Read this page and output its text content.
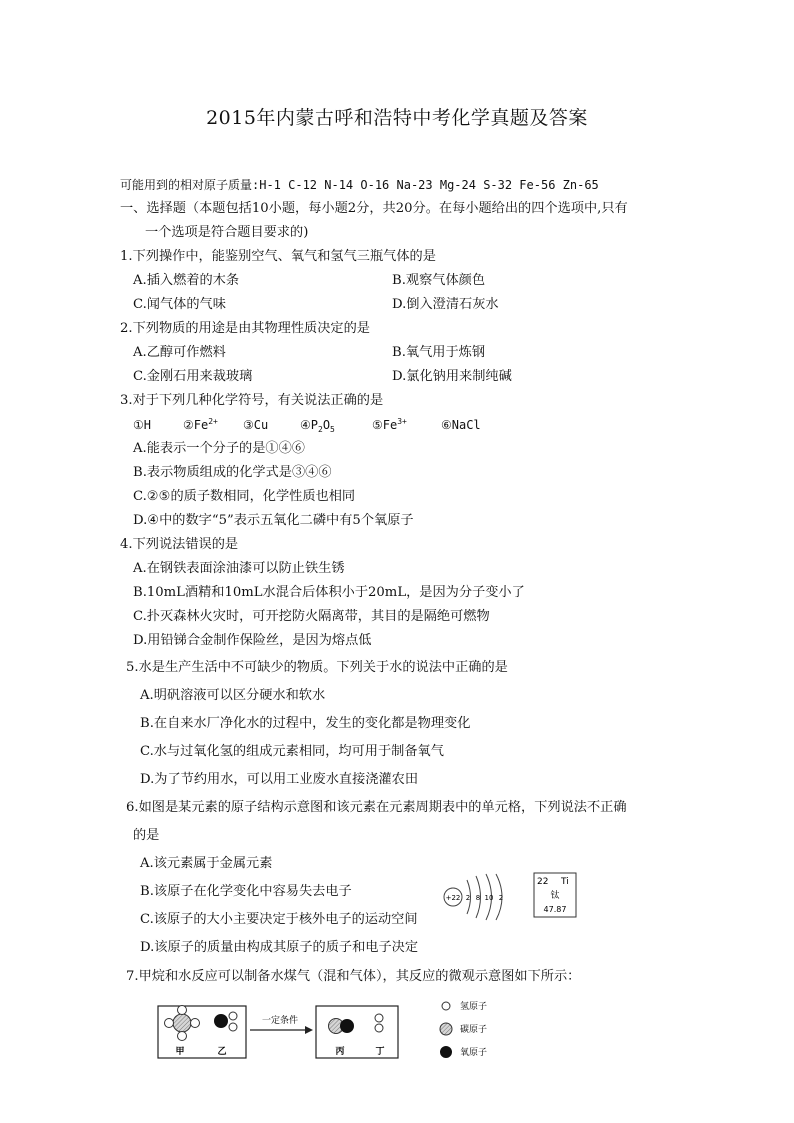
2015年内蒙古呼和浩特中考化学真题及答案
可能用到的相对原子质量:H-1 C-12 N-14 O-16 Na-23 Mg-24 S-32 Fe-56 Zn-65
一、选择题（本题包括10小题，每小题2分，共20分。在每小题给出的四个选项中,只有
一个选项是符合题目要求的)
1.下列操作中，能鉴别空气、氧气和氢气三瓶气体的是
A.插入燃着的木条	B.观察气体颜色
C.闻气体的气味	D.倒入澄清石灰水
2.下列物质的用途是由其物理性质决定的是
A.乙醇可作燃料	B.氧气用于炼钢
C.金刚石用来裁玻璃	D.氯化钠用来制纯碱
3.对于下列几种化学符号，有关说法正确的是
①H	$②Fe^{2+}$ ③Cu	$④P_2O_5$	$⑤Fe^{3+}$	⑥NaCl
A.能表示一个分子的是①④⑥
B.表示物质组成的化学式是③④⑥
C.②⑤的质子数相同，化学性质也相同
D.④中的数字“5”表示五氧化二磷中有5个氧原子
4.下列说法错误的是
A.在钢铁表面涂油漆可以防止铁生锈
B.10mL酒精和10mL水混合后体积小于20mL，是因为分子变小了
C.扑灭森林火灾时，可开挖防火隔离带，其目的是隔绝可燃物
D.用铅锑合金制作保险丝，是因为熔点低
5.水是生产生活中不可缺少的物质。下列关于水的说法中正确的是
A.明矾溶液可以区分硬水和软水
B.在自来水厂净化水的过程中，发生的变化都是物理变化
C.水与过氧化氢的组成元素相同，均可用于制备氧气
D.为了节约用水，可以用工业废水直接浇灌农田
6.如图是某元素的原子结构示意图和该元素在元素周期表中的单元格，下列说法不正确
的是
A.该元素属于金属元素
B.该原子在化学变化中容易失去电子
C.该原子的大小主要决定于核外电子的运动空间
D.该原子的质量由构成其原子的质子和电子决定
+22 2 8 10 2
22 Ti
钛
47.87
7.甲烷和水反应可以制备水煤气（混和气体），其反应的微观示意图如下所示：
甲	乙
一定条件
丙	丁
氢原子
碳原子
氧原子
